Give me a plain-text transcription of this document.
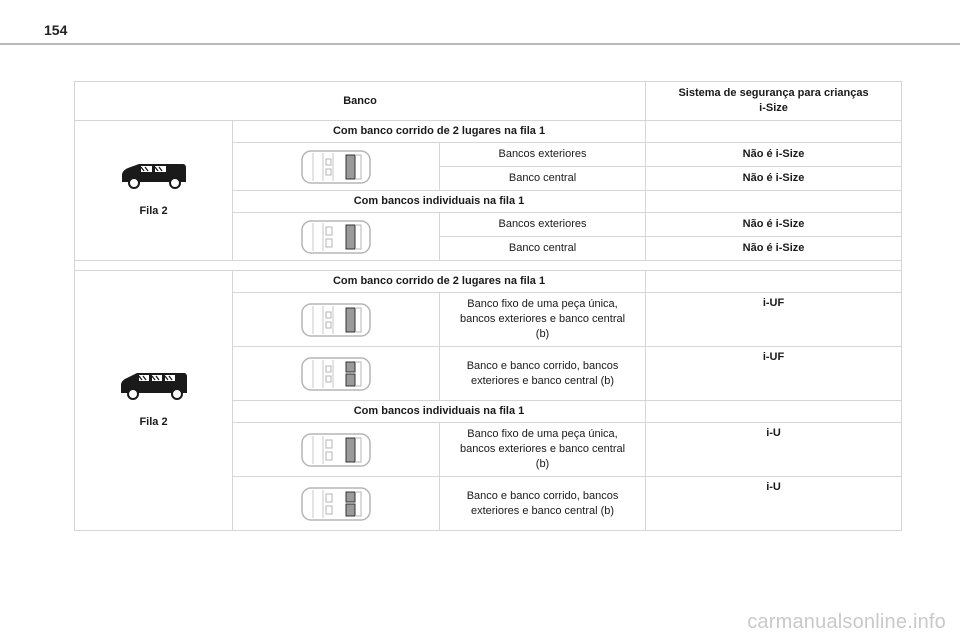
154
Banco			Sistema de segurança para crianças
i-Size

Fila 2	Com banco corrido de 2 lugares na fila 1		

	Bancos exteriores	Não é i-Size
		Banco central	Não é i-Size
	Com bancos individuais na fila 1		

	Bancos exteriores	Não é i-Size
		Banco central	Não é i-Size

Fila 2	Com banco corrido de 2 lugares na fila 1		

Banco fixo de uma peça única,
bancos exteriores e banco central
(b)	i-UF

Banco e banco corrido, bancos
exteriores e banco central (b)	i-UF
	Com bancos individuais na fila 1		

Banco fixo de uma peça única,
bancos exteriores e banco central
(b)	i-U

Banco e banco corrido, bancos
exteriores e banco central (b)	i-U
carmanualsonline.info
